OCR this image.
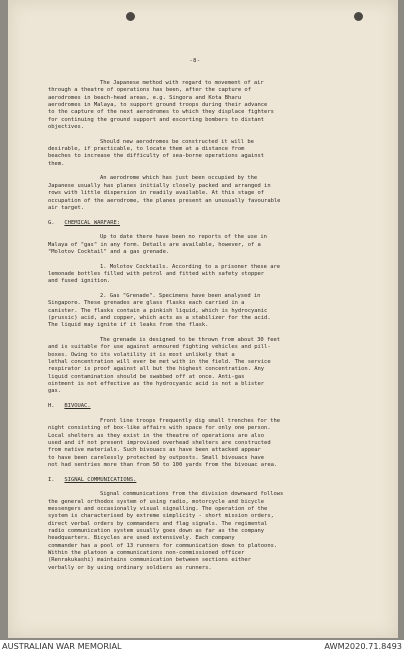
-8-

The Japanese method with regard to movement of air
through a theatre of operations has been, after the capture of
aerodromes in beach-head areas, e.g. Singora and Kota Bharu
aerodromes in Malaya, to support ground troops during their advance
to the capture of the next aerodromes to which they displace fighters
for continuing the ground support and escorting bombers to distant
objectives.

Should new aerodromes be constructed it will be
desirable, if practicable, to locate them at a distance from
beaches to increase the difficulty of sea-borne operations against
them.

An aerodrome which has just been occupied by the
Japanese usually has planes initially closely packed and arranged in
rows with little dispersion in readily available. At this stage of
occupation of the aerodrome, the planes present an unusually favourable
air target.

G. CHEMICAL WARFARE:

Up to date there have been no reports of the use in
Malaya of "gas" in any form. Details are available, however, of a
"Molotov Cocktail" and a gas grenade.

1. Molotov Cocktails. According to a prisoner these are
lemonade bottles filled with petrol and fitted with safety stopper
and fused ignition.

2. Gas "Grenade". Specimens have been analysed in
Singapore. These grenades are glass flasks each carried in a
canister. The flasks contain a pinkish liquid, which is hydrocyanic
(prussic) acid, and copper, which acts as a stabilizer for the acid.
The liquid may ignite if it leaks from the flask.

The grenade is designed to be thrown from about 30 feet
and is suitable for use against armoured fighting vehicles and pill-
boxes. Owing to its volatility it is most unlikely that a
lethal concentration will ever be met with in the field. The service
respirator is proof against all but the highest concentration. Any
liquid contamination should be swabbed off at once. Anti-gas
ointment is not effective as the hydrocyanic acid is not a blister
gas.

H. BIVOUAC.

Front line troops frequently dig small trenches for the
night consisting of box-like affairs with space for only one person.
Local shelters as they exist in the theatre of operations are also
used and if not present improvised overhead shelters are constructed
from native materials. Such bivouacs as have been attacked appear
to have been carelessly protected by outposts. Small bivouacs have
not had sentries more than from 50 to 100 yards from the bivouac area.

I. SIGNAL COMMUNICATIONS.

Signal communications from the division downward follows
the general orthodox system of using radio, motorcycle and bicycle
messengers and occasionally visual signalling. The operation of the
system is characterised by extreme simplicity - short mission orders,
direct verbal orders by commanders and flag signals. The regimental
radio communication system usually goes down as far as the company
headquarters. Bicycles are used extensively. Each company
commander has a pool of 13 runners for communication down to platoons.
Within the platoon a communications non-commissioned officer
(Renrakukashi) maintains communication between sections either
verbally or by using ordinary soldiers as runners.

AUSTRALIAN WAR MEMORIAL	AWM2020.71.8493
